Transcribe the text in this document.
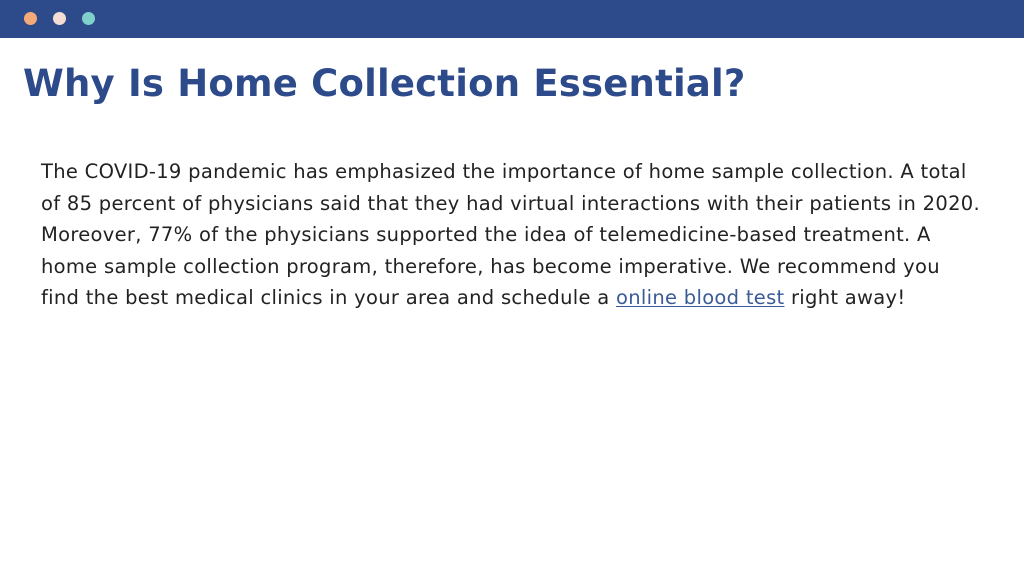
Why Is Home Collection Essential?

The COVID-19 pandemic has emphasized the importance of home sample collection. A total of 85 percent of physicians said that they had virtual interactions with their patients in 2020. Moreover, 77% of the physicians supported the idea of telemedicine-based treatment. A home sample collection program, therefore, has become imperative. We recommend you find the best medical clinics in your area and schedule a online blood test right away!
